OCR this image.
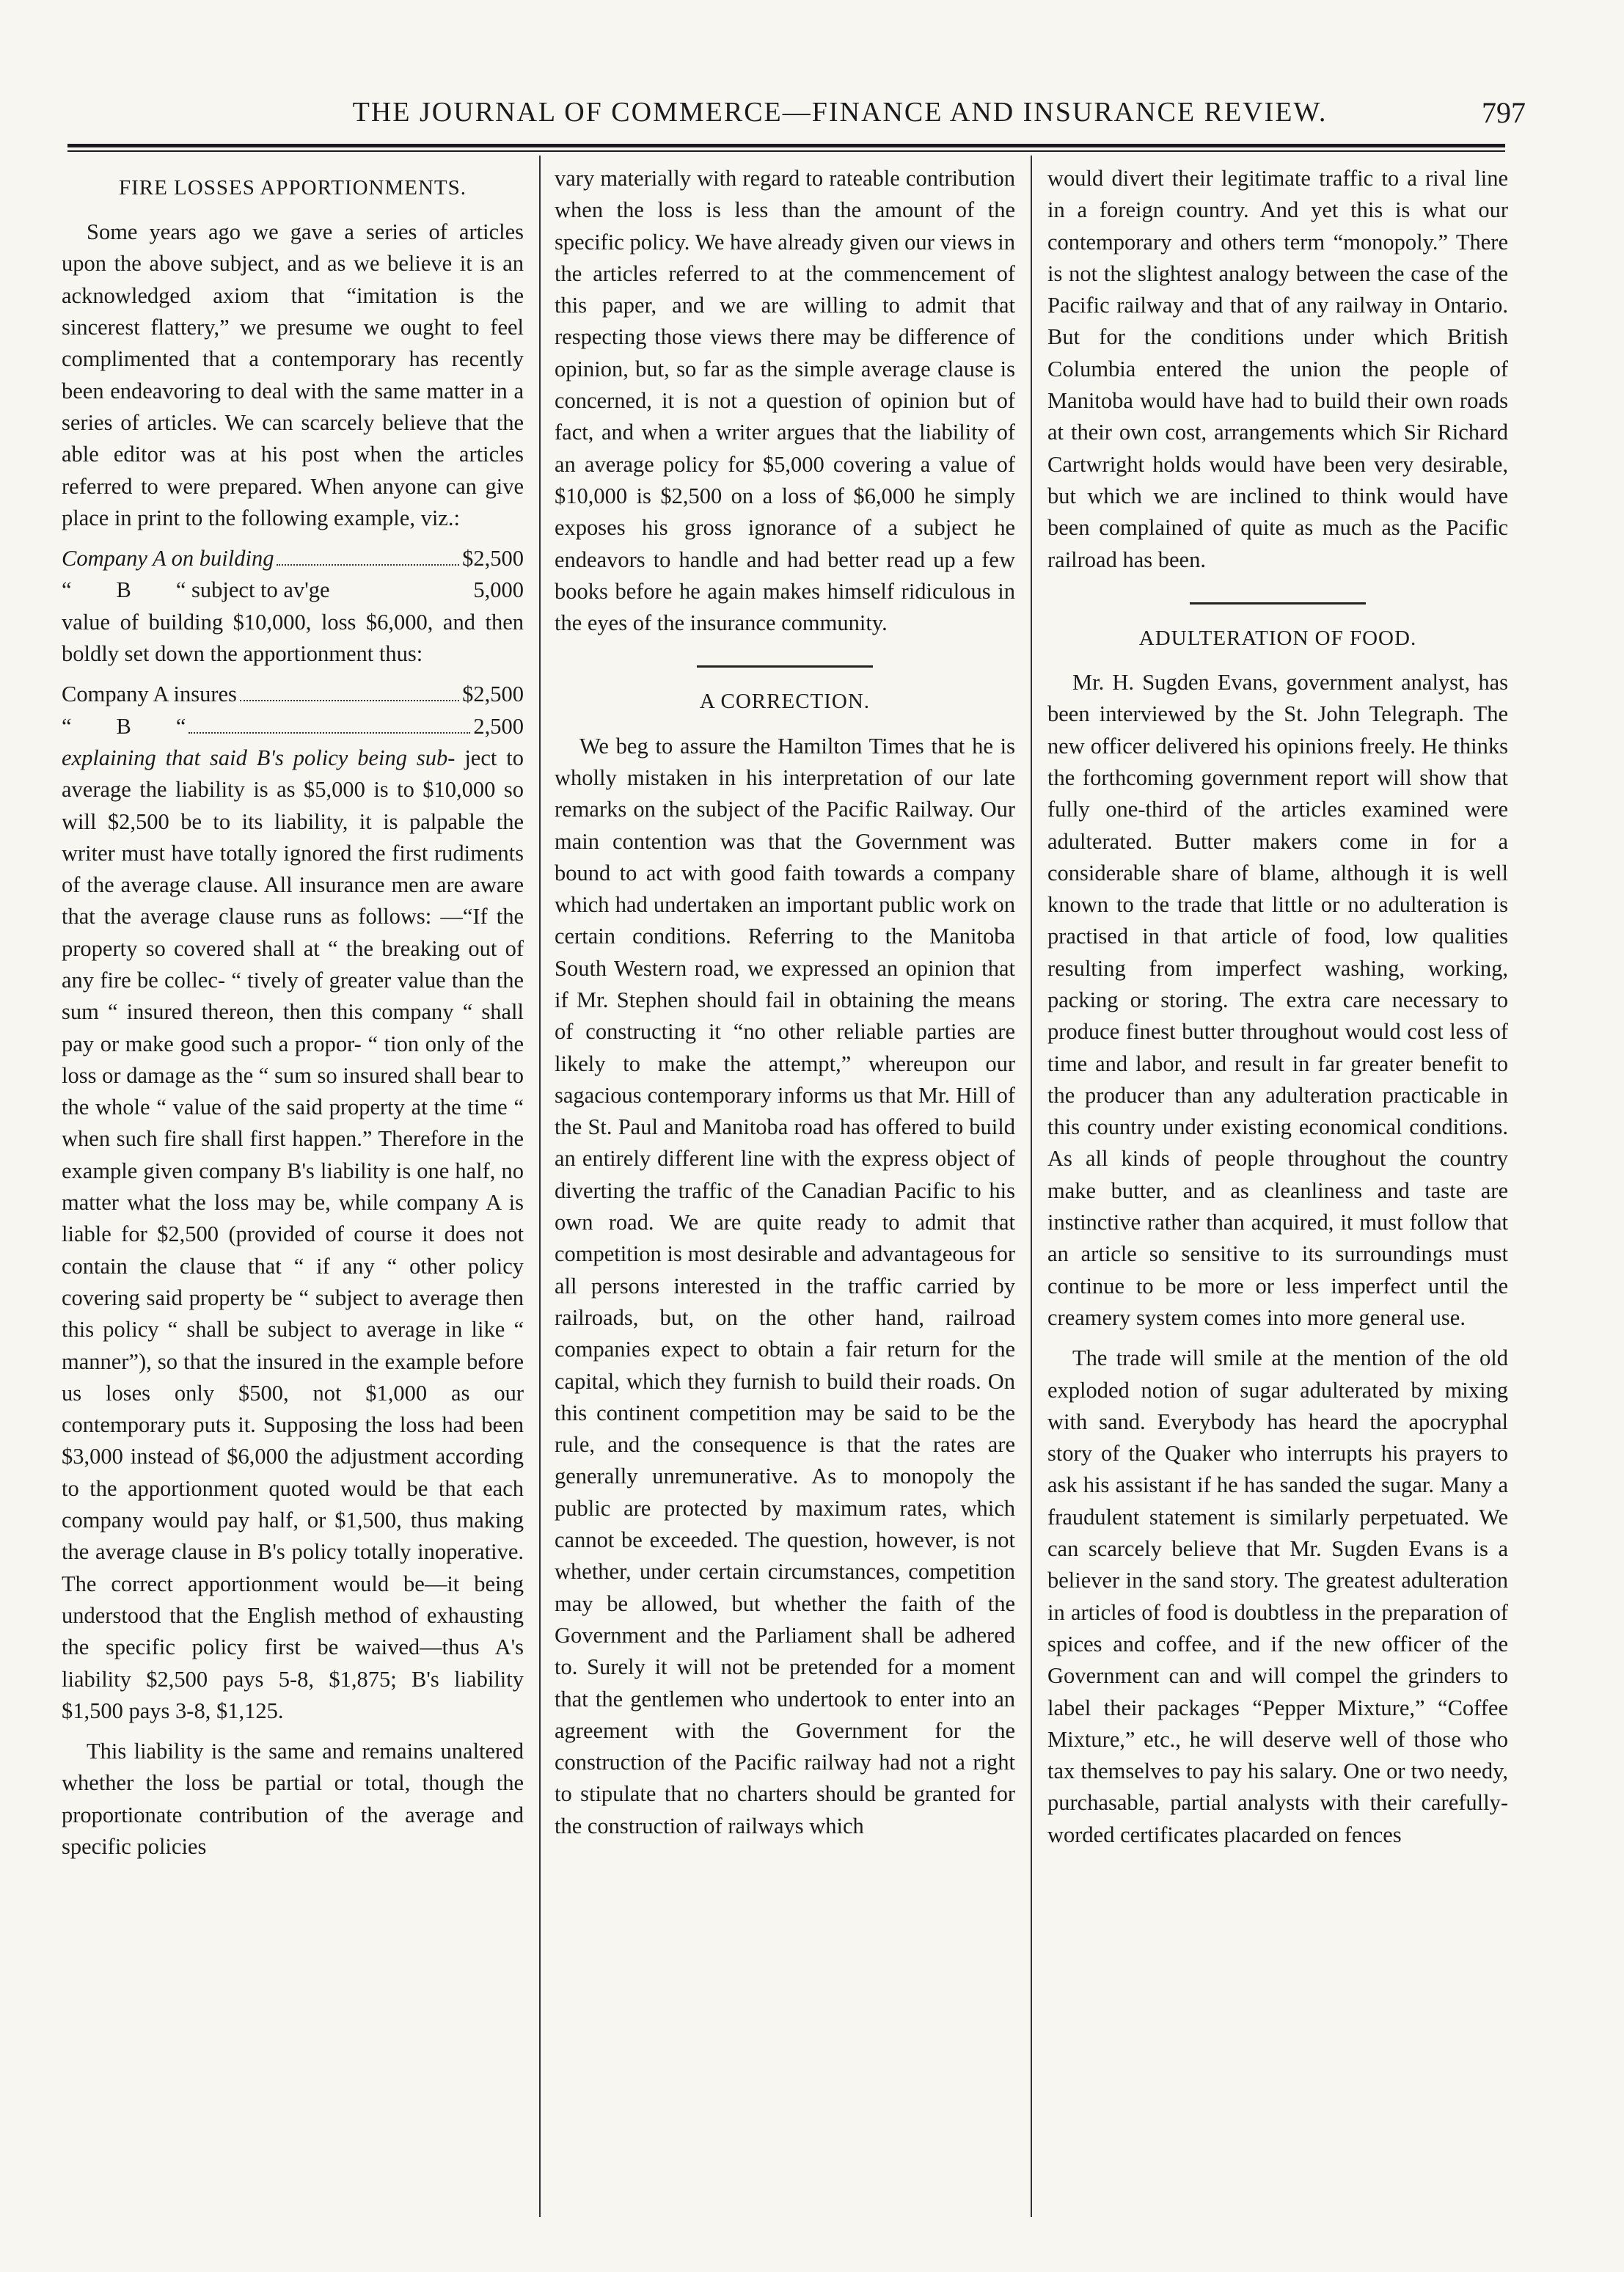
THE JOURNAL OF COMMERCE—FINANCE AND INSURANCE REVIEW.	797
FIRE LOSSES APPORTIONMENTS.

Some years ago we gave a series of articles upon the above subject, and as we believe it is an acknowledged axiom that “imitation is the sincerest flattery,” we presume we ought to feel complimented that a contemporary has recently been endeavoring to deal with the same matter in a series of articles. We can scarcely believe that the able editor was at his post when the articles referred to were prepared. When anyone can give place in print to the following example, viz.:

Company A on building	$2,500
“        B        “ subject to av'ge	5,000

value of building $10,000, loss $6,000, and then boldly set down the apportionment thus:

Company A insures	$2,500
“        B        “	2,500

explaining that said B's policy being sub- ject to average the liability is as $5,000 is to $10,000 so will $2,500 be to its liability, it is palpable the writer must have totally ignored the first rudiments of the average clause. All insurance men are aware that the average clause runs as follows: —“If the property so covered shall at “ the breaking out of any fire be collec- “ tively of greater value than the sum “ insured thereon, then this company “ shall pay or make good such a propor- “ tion only of the loss or damage as the “ sum so insured shall bear to the whole “ value of the said property at the time “ when such fire shall first happen.” Therefore in the example given company B's liability is one half, no matter what the loss may be, while company A is liable for $2,500 (provided of course it does not contain the clause that “ if any “ other policy covering said property be “ subject to average then this policy “ shall be subject to average in like “ manner”), so that the insured in the example before us loses only $500, not $1,000 as our contemporary puts it. Supposing the loss had been $3,000 instead of $6,000 the adjustment according to the apportionment quoted would be that each company would pay half, or $1,500, thus making the average clause in B's policy totally inoperative. The correct apportionment would be—it being understood that the English method of exhausting the specific policy first be waived—thus A's liability $2,500 pays 5-8, $1,875; B's liability $1,500 pays 3-8, $1,125.

This liability is the same and remains unaltered whether the loss be partial or total, though the proportionate contribution of the average and specific policies

vary materially with regard to rateable contribution when the loss is less than the amount of the specific policy. We have already given our views in the articles referred to at the commencement of this paper, and we are willing to admit that respecting those views there may be difference of opinion, but, so far as the simple average clause is concerned, it is not a question of opinion but of fact, and when a writer argues that the liability of an average policy for $5,000 covering a value of $10,000 is $2,500 on a loss of $6,000 he simply exposes his gross ignorance of a subject he endeavors to handle and had better read up a few books before he again makes himself ridiculous in the eyes of the insurance community.

A CORRECTION.

We beg to assure the Hamilton Times that he is wholly mistaken in his interpretation of our late remarks on the subject of the Pacific Railway. Our main contention was that the Government was bound to act with good faith towards a company which had undertaken an important public work on certain conditions. Referring to the Manitoba South Western road, we expressed an opinion that if Mr. Stephen should fail in obtaining the means of constructing it “no other reliable parties are likely to make the attempt,” whereupon our sagacious contemporary informs us that Mr. Hill of the St. Paul and Manitoba road has offered to build an entirely different line with the express object of diverting the traffic of the Canadian Pacific to his own road. We are quite ready to admit that competition is most desirable and advantageous for all persons interested in the traffic carried by railroads, but, on the other hand, railroad companies expect to obtain a fair return for the capital, which they furnish to build their roads. On this continent competition may be said to be the rule, and the consequence is that the rates are generally unremunerative. As to monopoly the public are protected by maximum rates, which cannot be exceeded. The question, however, is not whether, under certain circumstances, competition may be allowed, but whether the faith of the Government and the Parliament shall be adhered to. Surely it will not be pretended for a moment that the gentlemen who undertook to enter into an agreement with the Government for the construction of the Pacific railway had not a right to stipulate that no charters should be granted for the construction of railways which

would divert their legitimate traffic to a rival line in a foreign country. And yet this is what our contemporary and others term “monopoly.” There is not the slightest analogy between the case of the Pacific railway and that of any railway in Ontario. But for the conditions under which British Columbia entered the union the people of Manitoba would have had to build their own roads at their own cost, arrangements which Sir Richard Cartwright holds would have been very desirable, but which we are inclined to think would have been complained of quite as much as the Pacific railroad has been.

ADULTERATION OF FOOD.

Mr. H. Sugden Evans, government analyst, has been interviewed by the St. John Telegraph. The new officer delivered his opinions freely. He thinks the forthcoming government report will show that fully one-third of the articles examined were adulterated. Butter makers come in for a considerable share of blame, although it is well known to the trade that little or no adulteration is practised in that article of food, low qualities resulting from imperfect washing, working, packing or storing. The extra care necessary to produce finest butter throughout would cost less of time and labor, and result in far greater benefit to the producer than any adulteration practicable in this country under existing economical conditions. As all kinds of people throughout the country make butter, and as cleanliness and taste are instinctive rather than acquired, it must follow that an article so sensitive to its surroundings must continue to be more or less imperfect until the creamery system comes into more general use.

The trade will smile at the mention of the old exploded notion of sugar adulterated by mixing with sand. Everybody has heard the apocryphal story of the Quaker who interrupts his prayers to ask his assistant if he has sanded the sugar. Many a fraudulent statement is similarly perpetuated. We can scarcely believe that Mr. Sugden Evans is a believer in the sand story. The greatest adulteration in articles of food is doubtless in the preparation of spices and coffee, and if the new officer of the Government can and will compel the grinders to label their packages “Pepper Mixture,” “Coffee Mixture,” etc., he will deserve well of those who tax themselves to pay his salary. One or two needy, purchasable, partial analysts with their carefully-worded certificates placarded on fences
